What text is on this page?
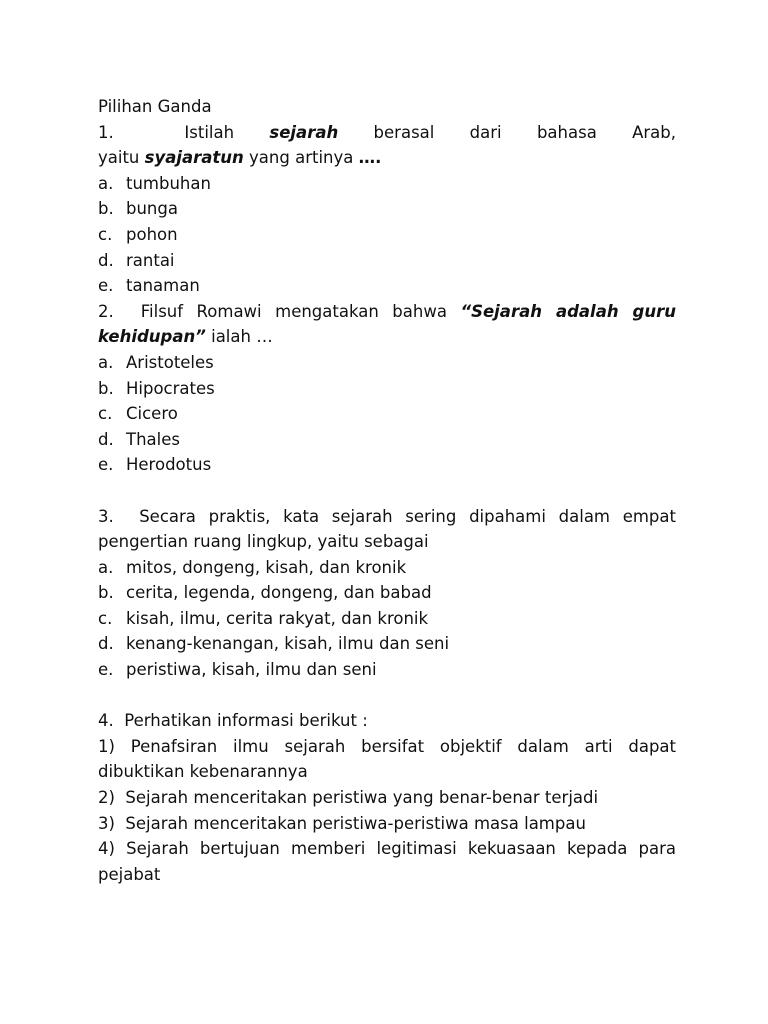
Pilihan Ganda
1.	Istilah sejarah berasal dari bahasa Arab,
yaitu syajaratun yang artinya ….
a. tumbuhan
b. bunga
c. pohon
d. rantai
e. tanaman
2. Filsuf Romawi mengatakan bahwa “Sejarah adalah guru
kehidupan” ialah …
a. Aristoteles
b. Hipocrates
c. Cicero
d. Thales
e. Herodotus
3. Secara praktis, kata sejarah sering dipahami dalam empat
pengertian ruang lingkup, yaitu sebagai
a. mitos, dongeng, kisah, dan kronik
b. cerita, legenda, dongeng, dan babad
c. kisah, ilmu, cerita rakyat, dan kronik
d. kenang-kenangan, kisah, ilmu dan seni
e. peristiwa, kisah, ilmu dan seni
4. Perhatikan informasi berikut :
1) Penafsiran ilmu sejarah bersifat objektif dalam arti dapat
dibuktikan kebenarannya
2)  Sejarah menceritakan peristiwa yang benar-benar terjadi
3)  Sejarah menceritakan peristiwa-peristiwa masa lampau
4) Sejarah bertujuan memberi legitimasi kekuasaan kepada para
pejabat
